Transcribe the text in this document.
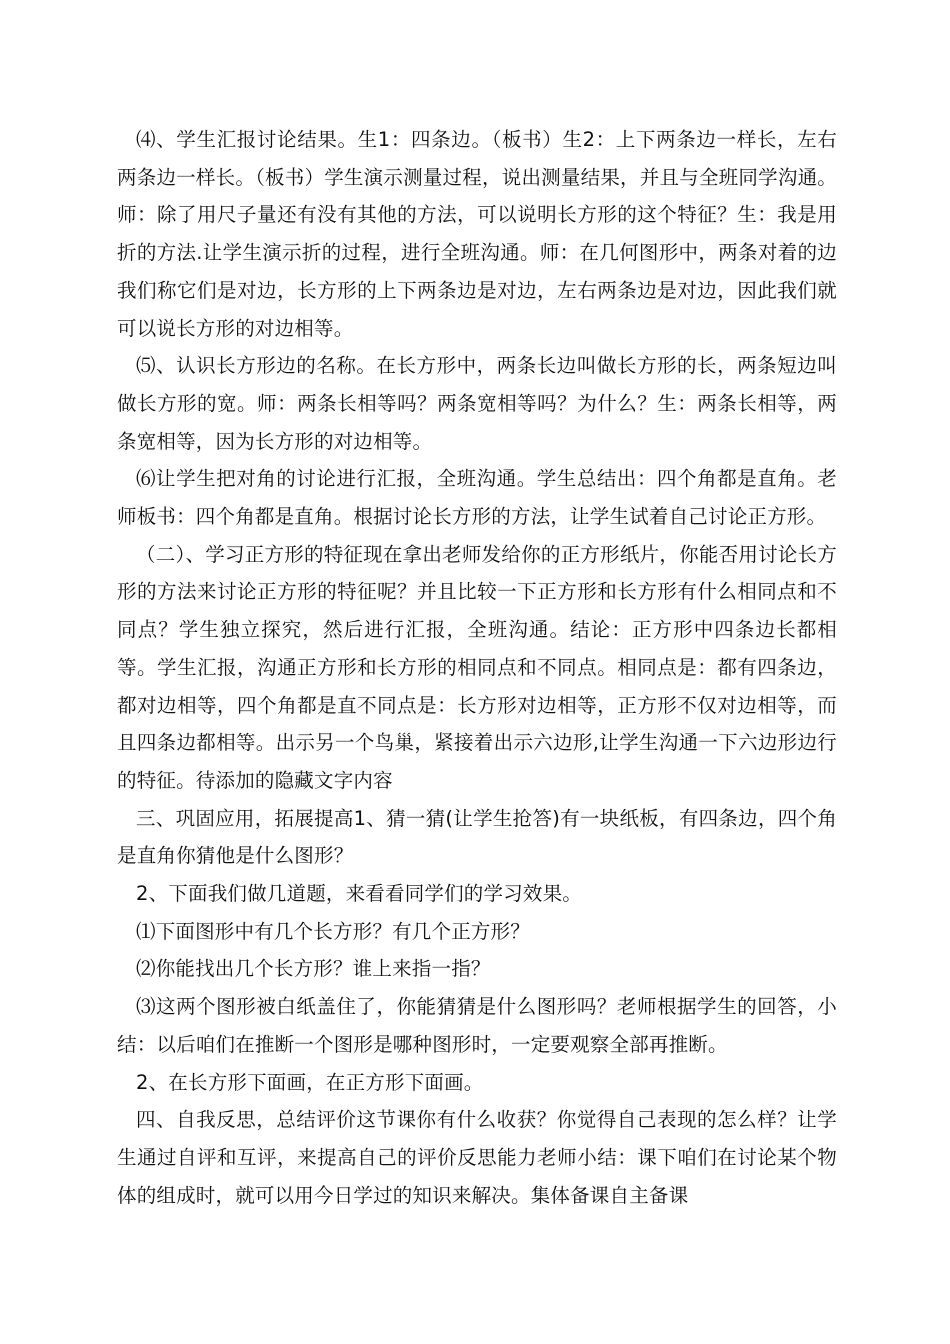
⑷、学生汇报讨论结果。生1：四条边。（板书）生2：上下两条边一样长，左右两条边一样长。（板书）学生演示测量过程，说出测量结果，并且与全班同学沟通。师：除了用尺子量还有没有其他的方法，可以说明长方形的这个特征？生：我是用折的方法.让学生演示折的过程，进行全班沟通。师：在几何图形中，两条对着的边我们称它们是对边，长方形的上下两条边是对边，左右两条边是对边，因此我们就可以说长方形的对边相等。

⑸、认识长方形边的名称。在长方形中，两条长边叫做长方形的长，两条短边叫做长方形的宽。师：两条长相等吗？两条宽相等吗？为什么？生：两条长相等，两条宽相等，因为长方形的对边相等。

⑹让学生把对角的讨论进行汇报，全班沟通。学生总结出：四个角都是直角。老师板书：四个角都是直角。根据讨论长方形的方法，让学生试着自己讨论正方形。

（二）、学习正方形的特征现在拿出老师发给你的正方形纸片，你能否用讨论长方形的方法来讨论正方形的特征呢？并且比较一下正方形和长方形有什么相同点和不同点？学生独立探究，然后进行汇报，全班沟通。结论：正方形中四条边长都相等。学生汇报，沟通正方形和长方形的相同点和不同点。相同点是：都有四条边，都对边相等，四个角都是直不同点是：长方形对边相等，正方形不仅对边相等，而且四条边都相等。出示另一个鸟巢，紧接着出示六边形,让学生沟通一下六边形边行的特征。待添加的隐藏文字内容

三、巩固应用，拓展提高1、猜一猜(让学生抢答)有一块纸板，有四条边，四个角是直角你猜他是什么图形？

2、下面我们做几道题，来看看同学们的学习效果。

⑴下面图形中有几个长方形？有几个正方形？

⑵你能找出几个长方形？谁上来指一指？

⑶这两个图形被白纸盖住了，你能猜猜是什么图形吗？老师根据学生的回答，小结：以后咱们在推断一个图形是哪种图形时，一定要观察全部再推断。

2、在长方形下面画，在正方形下面画。

四、自我反思，总结评价这节课你有什么收获？你觉得自己表现的怎么样？让学生通过自评和互评，来提高自己的评价反思能力老师小结：课下咱们在讨论某个物体的组成时，就可以用今日学过的知识来解决。集体备课自主备课
